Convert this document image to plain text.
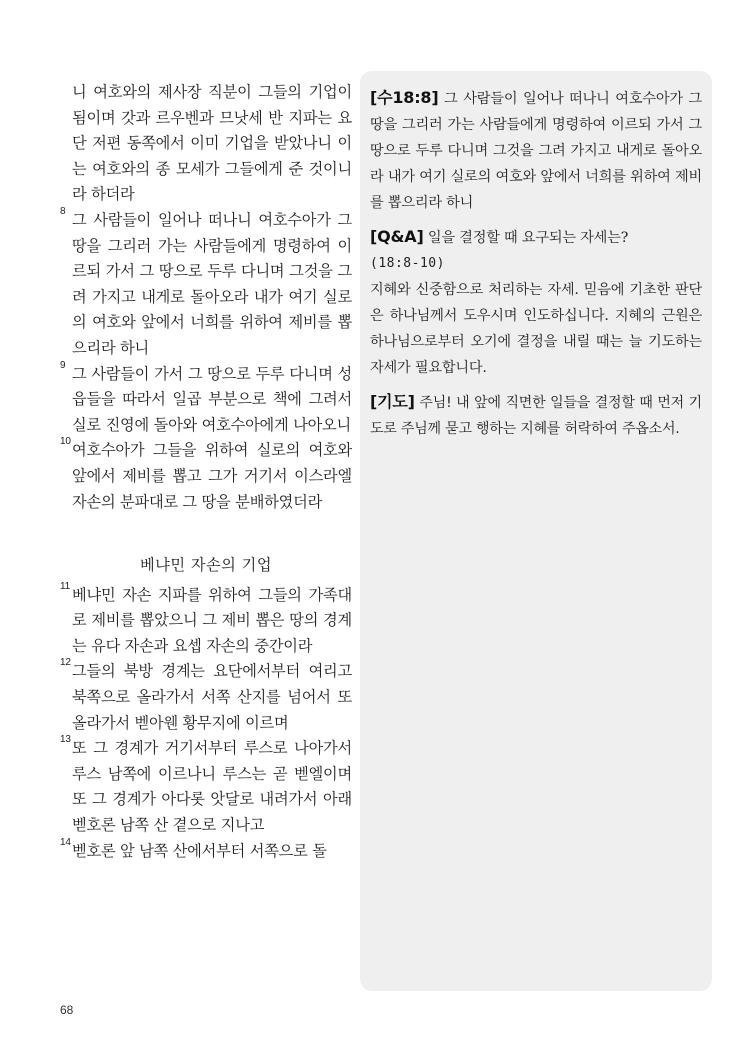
니 여호와의 제사장 직분이 그들의 기업이 됨이며 갓과 르우벤과 므낫세 반 지파는 요단 저편 동쪽에서 이미 기업을 받았나니 이는 여호와의 종 모세가 그들에게 준 것이니라 하더라

8 그 사람들이 일어나 떠나니 여호수아가 그 땅을 그리러 가는 사람들에게 명령하여 이르되 가서 그 땅으로 두루 다니며 그것을 그려 가지고 내게로 돌아오라 내가 여기 실로의 여호와 앞에서 너희를 위하여 제비를 뽑으리라 하니

9 그 사람들이 가서 그 땅으로 두루 다니며 성읍들을 따라서 일곱 부분으로 책에 그려서 실로 진영에 돌아와 여호수아에게 나아오니

10 여호수아가 그들을 위하여 실로의 여호와 앞에서 제비를 뽑고 그가 거기서 이스라엘 자손의 분파대로 그 땅을 분배하였더라

베냐민 자손의 기업

11 베냐민 자손 지파를 위하여 그들의 가족대로 제비를 뽑았으니 그 제비 뽑은 땅의 경계는 유다 자손과 요셉 자손의 중간이라

12 그들의 북방 경계는 요단에서부터 여리고 북쪽으로 올라가서 서쪽 산지를 넘어서 또 올라가서 벧아웬 황무지에 이르며

13 또 그 경계가 거기서부터 루스로 나아가서 루스 남쪽에 이르나니 루스는 곧 벧엘이며 또 그 경계가 아다롯 앗달로 내려가서 아래 벧호론 남쪽 산 곁으로 지나고

14 벧호론 앞 남쪽 산에서부터 서쪽으로 돌

[수18:8] 그 사람들이 일어나 떠나니 여호수아가 그 땅을 그리러 가는 사람들에게 명령하여 이르되 가서 그 땅으로 두루 다니며 그것을 그려 가지고 내게로 돌아오라 내가 여기 실로의 여호와 앞에서 너희를 위하여 제비를 뽑으리라 하니

[Q&A] 일을 결정할 때 요구되는 자세는?
(18:8-10)
지혜와 신중함으로 처리하는 자세. 믿음에 기초한 판단은 하나님께서 도우시며 인도하십니다. 지혜의 근원은 하나님으로부터 오기에 결정을 내릴 때는 늘 기도하는 자세가 필요합니다.

[기도] 주님! 내 앞에 직면한 일들을 결정할 때 먼저 기도로 주님께 묻고 행하는 지혜를 허락하여 주옵소서.

68
